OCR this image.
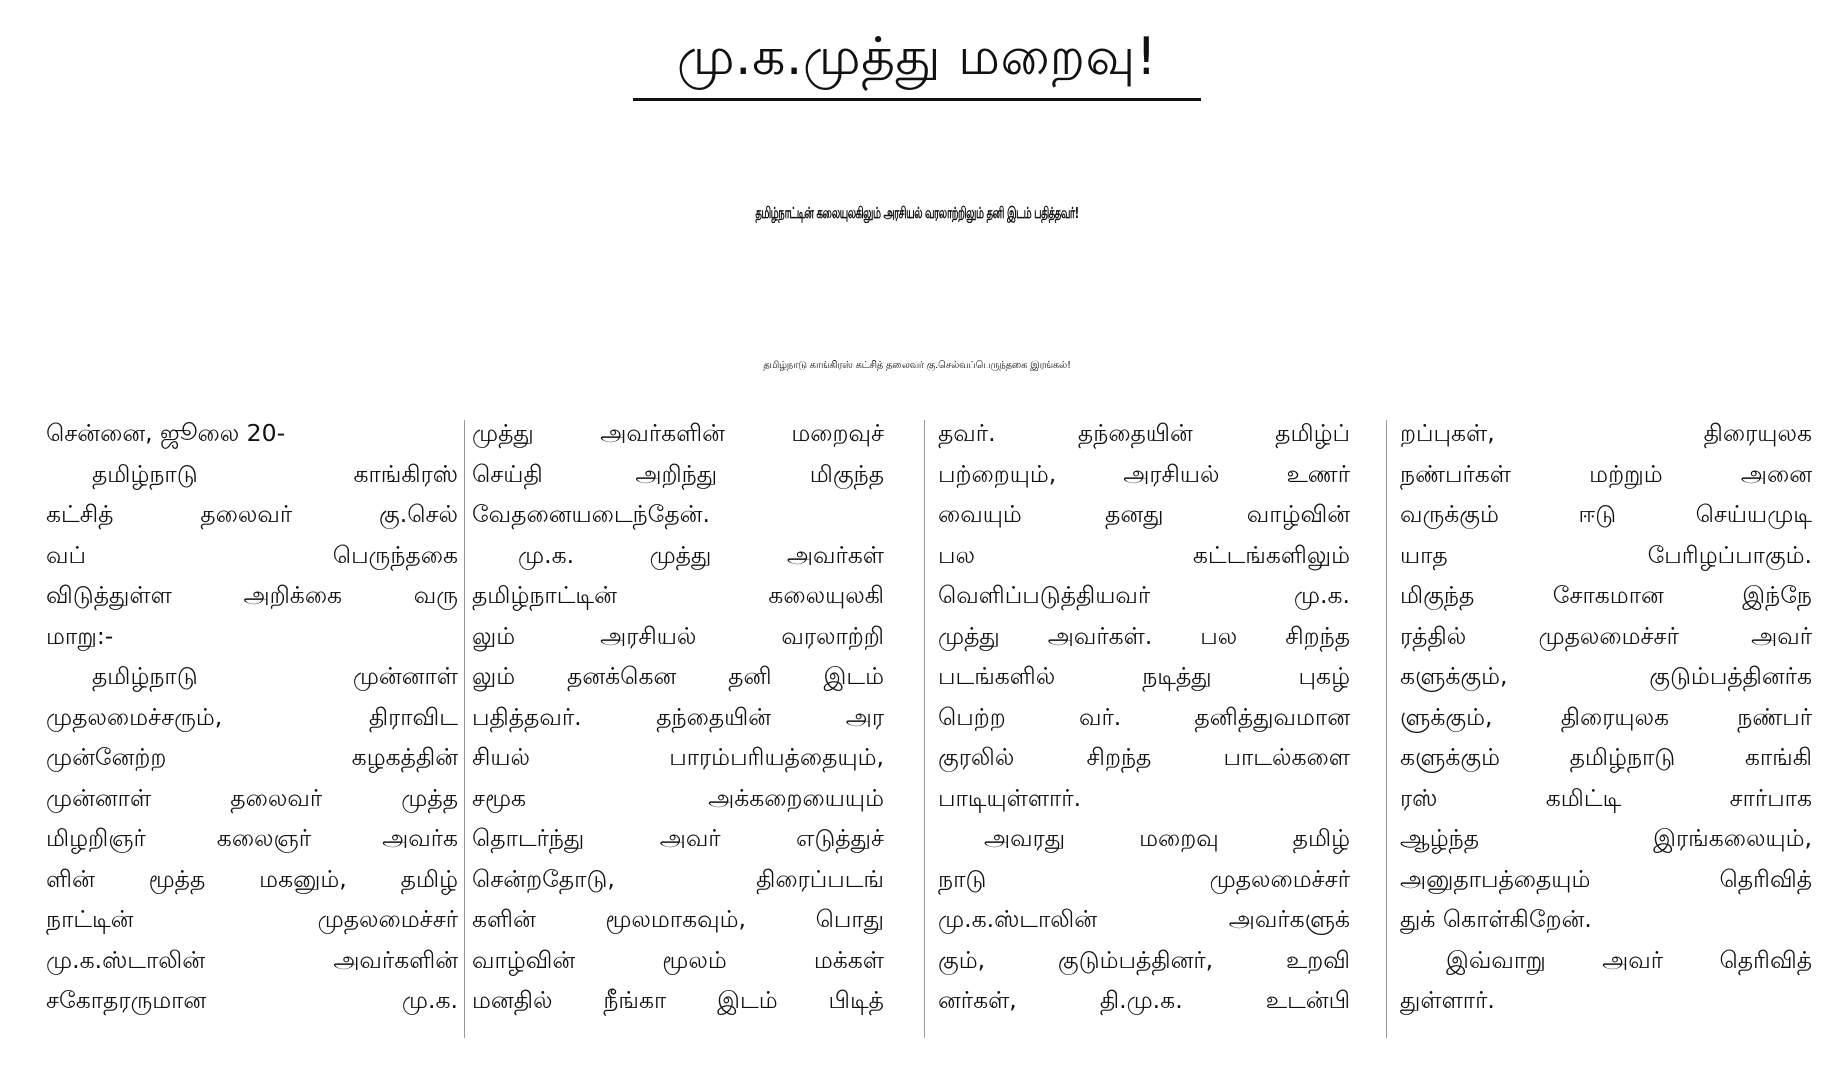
மு.க.முத்து மறைவு!
தமிழ்நாட்டின் கலையுலகிலும் அரசியல் வரலாற்றிலும் தனி இடம் பதித்தவர்!
தமிழ்நாடு காங்கிரஸ் கட்சித் தலைவர் கு.செல்வப்பெருந்தகை இரங்கல்!

சென்னை, ஜூலை 20-

தமிழ்நாடு காங்கிரஸ்

கட்சித் தலைவர் கு.செல்

வப் பெருந்தகை

விடுத்துள்ள அறிக்கை வரு

மாறு:-

தமிழ்நாடு முன்னாள்

முதலமைச்சரும், திராவிட

முன்னேற்ற கழகத்தின்

முன்னாள் தலைவர் முத்த

மிழறிஞர் கலைஞர் அவர்க

ளின் மூத்த மகனும், தமிழ்

நாட்டின் முதலமைச்சர்

மு.க.ஸ்டாலின் அவர்களின்

சகோதரருமான மு.க.

முத்து அவர்களின் மறைவுச்

செய்தி அறிந்து மிகுந்த

வேதனையடைந்தேன்.

மு.க. முத்து அவர்கள்

தமிழ்நாட்டின் கலையுலகி

லும் அரசியல் வரலாற்றி

லும் தனக்கென தனி இடம்

பதித்தவர். தந்தையின் அர

சியல் பாரம்பரியத்தையும்,

சமூக அக்கறையையும்

தொடர்ந்து அவர் எடுத்துச்

சென்றதோடு, திரைப்படங்

களின் மூலமாகவும், பொது

வாழ்வின் மூலம் மக்கள்

மனதில் நீங்கா இடம் பிடித்

தவர். தந்தையின் தமிழ்ப்

பற்றையும், அரசியல் உணர்

வையும் தனது வாழ்வின்

பல கட்டங்களிலும்

வெளிப்படுத்தியவர் மு.க.

முத்து அவர்கள். பல சிறந்த

படங்களில் நடித்து புகழ்

பெற்ற வர். தனித்துவமான

குரலில் சிறந்த பாடல்களை

பாடியுள்ளார்.

அவரது மறைவு தமிழ்

நாடு முதலமைச்சர்

மு.க.ஸ்டாலின் அவர்களுக்

கும், குடும்பத்தினர், உறவி

னர்கள், தி.மு.க. உடன்பி

றப்புகள், திரையுலக

நண்பர்கள் மற்றும் அனை

வருக்கும் ஈடு செய்யமுடி

யாத பேரிழப்பாகும்.

மிகுந்த சோகமான இந்நே

ரத்தில் முதலமைச்சர் அவர்

களுக்கும், குடும்பத்தினர்க

ளுக்கும், திரையுலக நண்பர்

களுக்கும் தமிழ்நாடு காங்கி

ரஸ் கமிட்டி சார்பாக

ஆழ்ந்த இரங்கலையும்,

அனுதாபத்தையும் தெரிவித்

துக் கொள்கிறேன்.

இவ்வாறு அவர் தெரிவித்

துள்ளார்.
